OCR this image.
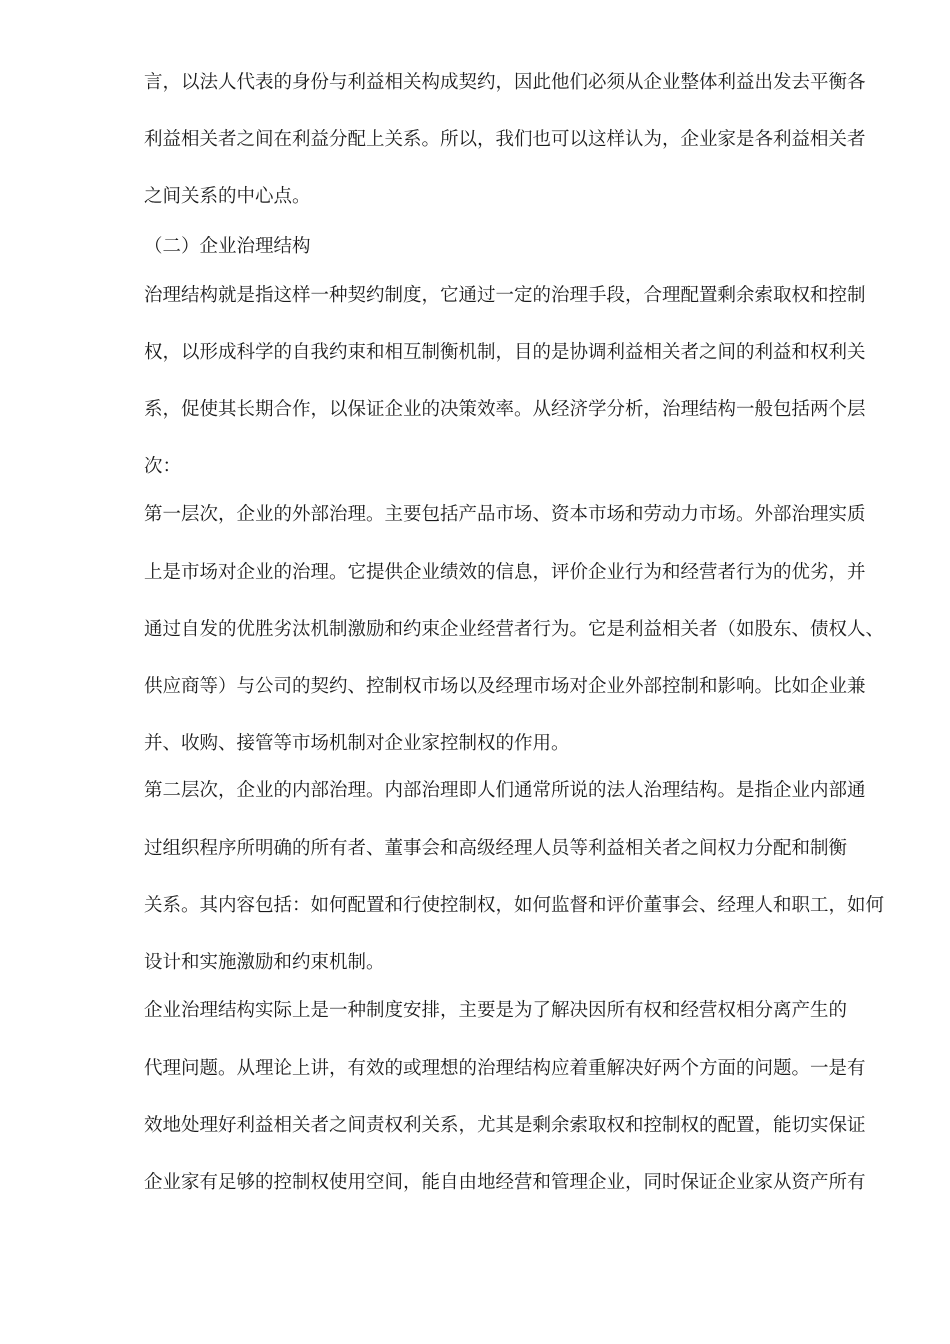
言，以法人代表的身份与利益相关构成契约，因此他们必须从企业整体利益出发去平衡各
利益相关者之间在利益分配上关系。所以，我们也可以这样认为，企业家是各利益相关者
之间关系的中心点。
（二）企业治理结构
治理结构就是指这样一种契约制度，它通过一定的治理手段，合理配置剩余索取权和控制
权，以形成科学的自我约束和相互制衡机制，目的是协调利益相关者之间的利益和权利关
系，促使其长期合作，以保证企业的决策效率。从经济学分析，治理结构一般包括两个层
次：
第一层次，企业的外部治理。主要包括产品市场、资本市场和劳动力市场。外部治理实质
上是市场对企业的治理。它提供企业绩效的信息，评价企业行为和经营者行为的优劣，并
通过自发的优胜劣汰机制激励和约束企业经营者行为。它是利益相关者（如股东、债权人、
供应商等）与公司的契约、控制权市场以及经理市场对企业外部控制和影响。比如企业兼
并、收购、接管等市场机制对企业家控制权的作用。
第二层次，企业的内部治理。内部治理即人们通常所说的法人治理结构。是指企业内部通
过组织程序所明确的所有者、董事会和高级经理人员等利益相关者之间权力分配和制衡
关系。其内容包括：如何配置和行使控制权，如何监督和评价董事会、经理人和职工，如何
设计和实施激励和约束机制。
企业治理结构实际上是一种制度安排，主要是为了解决因所有权和经营权相分离产生的
代理问题。从理论上讲，有效的或理想的治理结构应着重解决好两个方面的问题。一是有
效地处理好利益相关者之间责权利关系，尤其是剩余索取权和控制权的配置，能切实保证
企业家有足够的控制权使用空间，能自由地经营和管理企业，同时保证企业家从资产所有
